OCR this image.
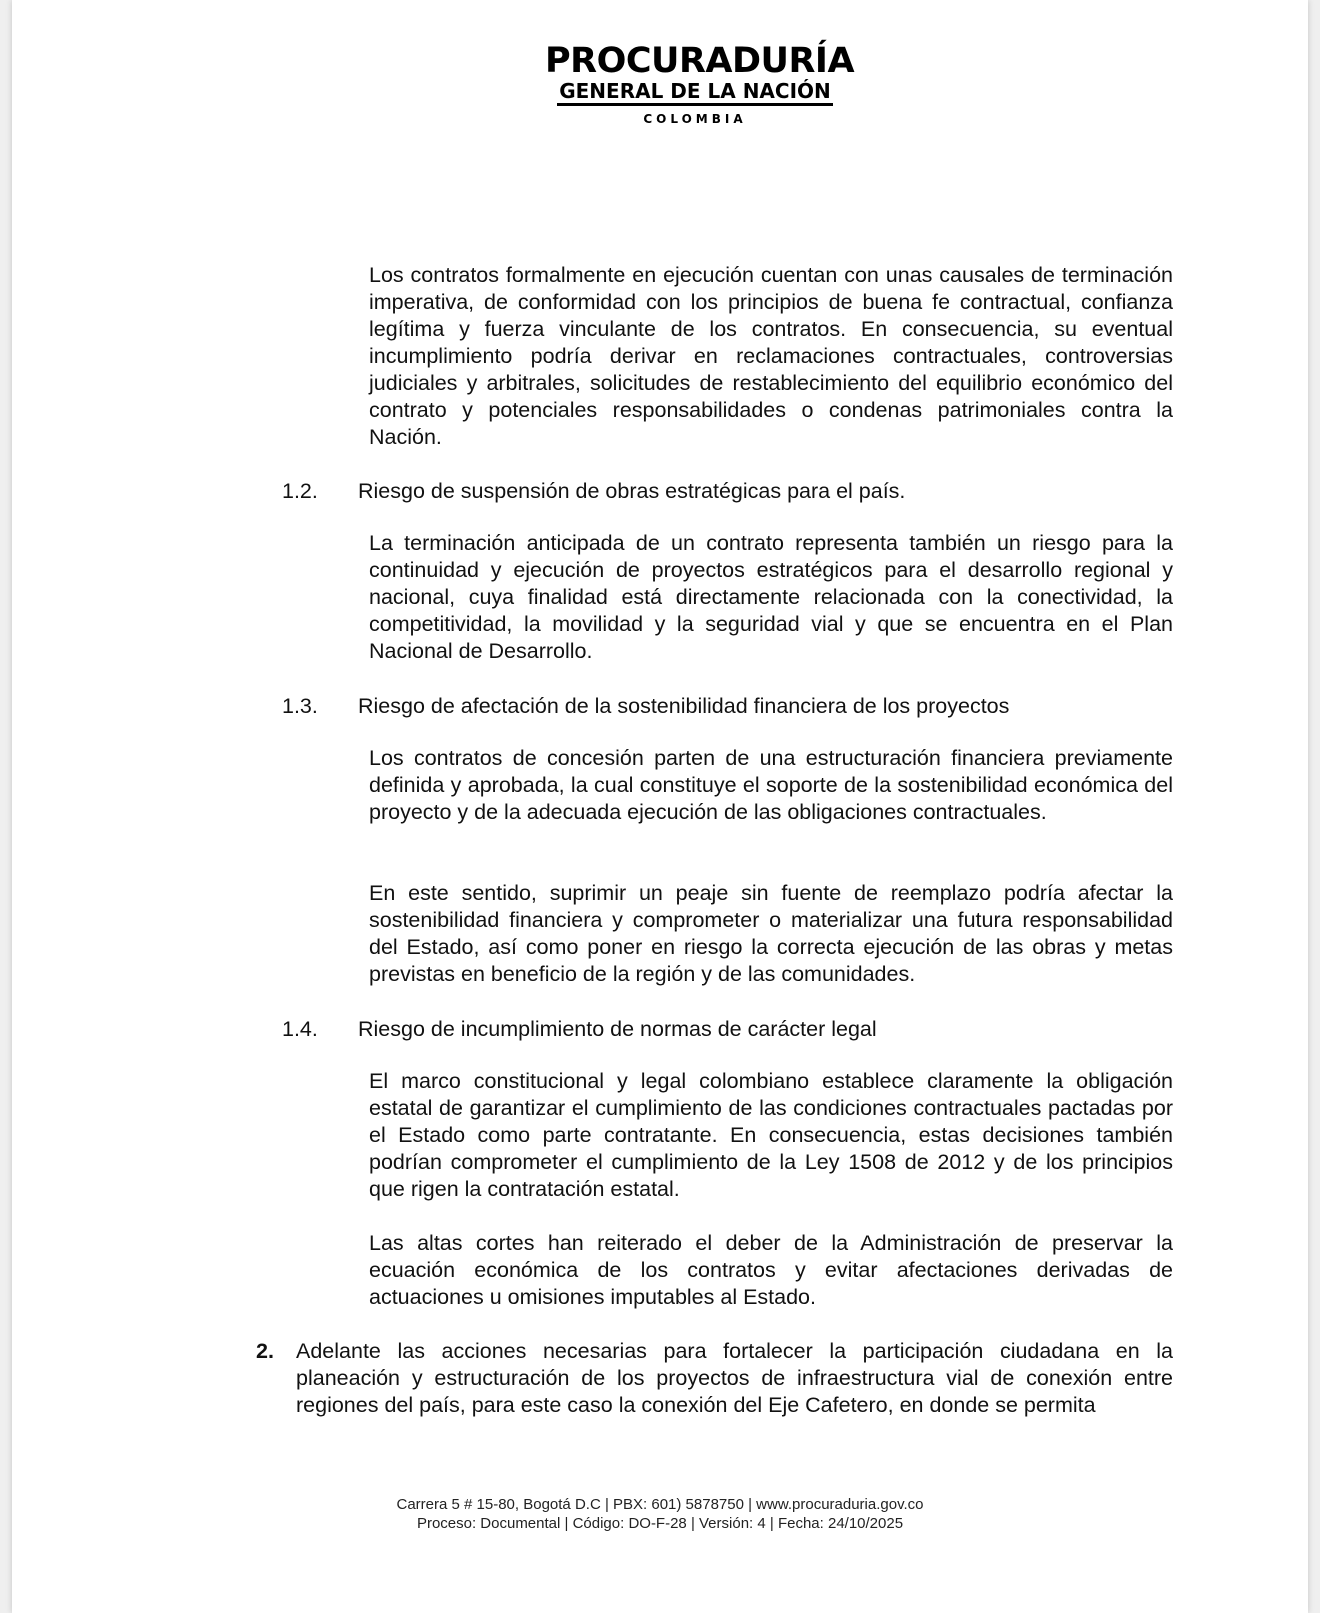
PROCURADURÍA
GENERAL DE LA NACIÓN
COLOMBIA

Los contratos formalmente en ejecución cuentan con unas causales de terminación imperativa, de conformidad con los principios de buena fe contractual, confianza legítima y fuerza vinculante de los contratos. En consecuencia, su eventual incumplimiento podría derivar en reclamaciones contractuales, controversias judiciales y arbitrales, solicitudes de restablecimiento del equilibrio económico del contrato y potenciales responsabilidades o condenas patrimoniales contra la Nación.

1.2. Riesgo de suspensión de obras estratégicas para el país.

La terminación anticipada de un contrato representa también un riesgo para la continuidad y ejecución de proyectos estratégicos para el desarrollo regional y nacional, cuya finalidad está directamente relacionada con la conectividad, la competitividad, la movilidad y la seguridad vial y que se encuentra en el Plan Nacional de Desarrollo.

1.3. Riesgo de afectación de la sostenibilidad financiera de los proyectos

Los contratos de concesión parten de una estructuración financiera previamente definida y aprobada, la cual constituye el soporte de la sostenibilidad económica del proyecto y de la adecuada ejecución de las obligaciones contractuales.

En este sentido, suprimir un peaje sin fuente de reemplazo podría afectar la sostenibilidad financiera y comprometer o materializar una futura responsabilidad del Estado, así como poner en riesgo la correcta ejecución de las obras y metas previstas en beneficio de la región y de las comunidades.

1.4. Riesgo de incumplimiento de normas de carácter legal

El marco constitucional y legal colombiano establece claramente la obligación estatal de garantizar el cumplimiento de las condiciones contractuales pactadas por el Estado como parte contratante. En consecuencia, estas decisiones también podrían comprometer el cumplimiento de la Ley 1508 de 2012 y de los principios que rigen la contratación estatal.

Las altas cortes han reiterado el deber de la Administración de preservar la ecuación económica de los contratos y evitar afectaciones derivadas de actuaciones u omisiones imputables al Estado.

2. Adelante las acciones necesarias para fortalecer la participación ciudadana en la planeación y estructuración de los proyectos de infraestructura vial de conexión entre regiones del país, para este caso la conexión del Eje Cafetero, en donde se permita

Carrera 5 # 15-80, Bogotá D.C | PBX: 601) 5878750 | www.procuraduria.gov.co
Proceso: Documental | Código: DO-F-28 | Versión: 4 | Fecha: 24/10/2025
